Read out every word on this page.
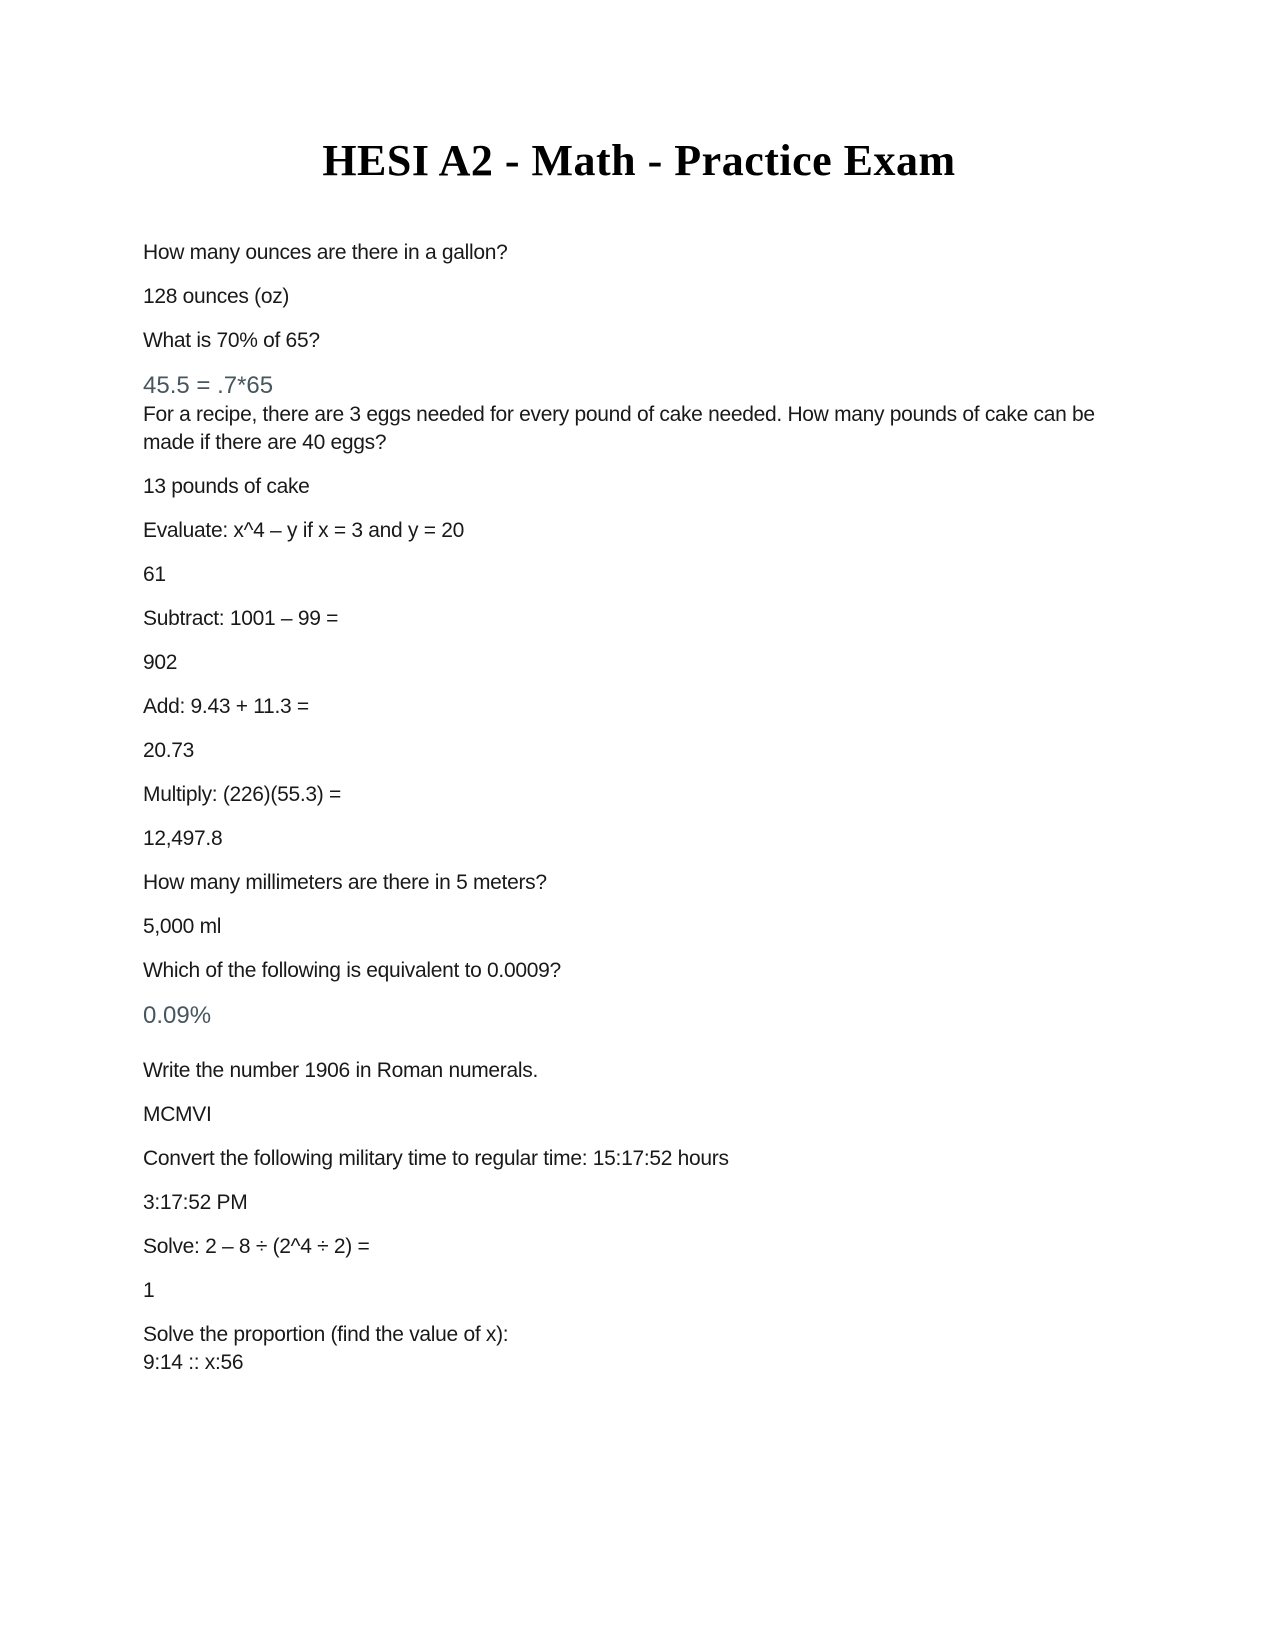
HESI A2 - Math - Practice Exam

How many ounces are there in a gallon?

128 ounces (oz)

What is 70% of 65?

45.5 = .7*65

For a recipe, there are 3 eggs needed for every pound of cake needed. How many pounds of cake can be made if there are 40 eggs?

13 pounds of cake

Evaluate: x^4 – y if x = 3 and y = 20

61

Subtract: 1001 – 99 =

902

Add: 9.43 + 11.3 =

20.73

Multiply: (226)(55.3) =

12,497.8

How many millimeters are there in 5 meters?

5,000 ml

Which of the following is equivalent to 0.0009?

0.09%

Write the number 1906 in Roman numerals.

MCMVI

Convert the following military time to regular time: 15:17:52 hours

3:17:52 PM

Solve: 2 – 8 ÷ (2^4 ÷ 2) =

1

Solve the proportion (find the value of x):
9:14 :: x:56
